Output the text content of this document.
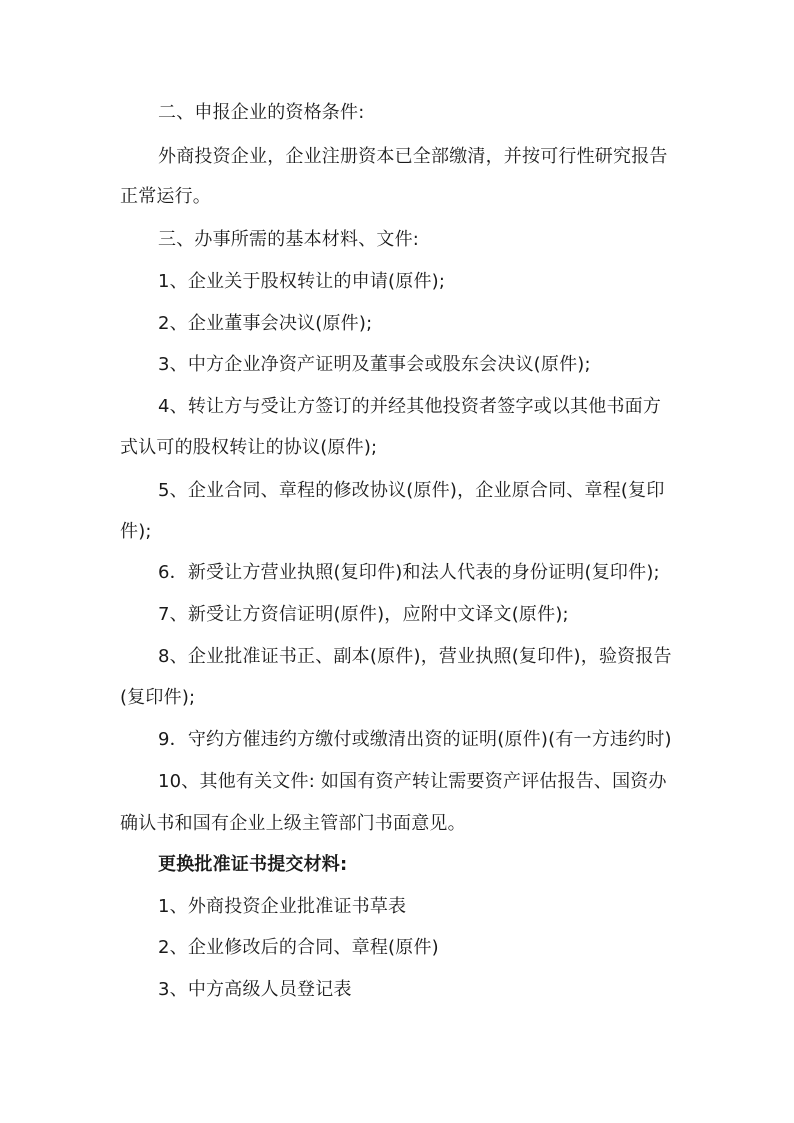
二、申报企业的资格条件:
外商投资企业，企业注册资本已全部缴清，并按可行性研究报告
正常运行。
三、办事所需的基本材料、文件:
1、企业关于股权转让的申请(原件);
2、企业董事会决议(原件);
3、中方企业净资产证明及董事会或股东会决议(原件);
4、转让方与受让方签订的并经其他投资者签字或以其他书面方
式认可的股权转让的协议(原件);
5、企业合同、章程的修改协议(原件)，企业原合同、章程(复印
件);
6．新受让方营业执照(复印件)和法人代表的身份证明(复印件);
7、新受让方资信证明(原件)，应附中文译文(原件);
8、企业批准证书正、副本(原件)，营业执照(复印件)，验资报告
(复印件);
9．守约方催违约方缴付或缴清出资的证明(原件)(有一方违约时)
10、其他有关文件: 如国有资产转让需要资产评估报告、国资办
确认书和国有企业上级主管部门书面意见。
更换批准证书提交材料:
1、外商投资企业批准证书草表
2、企业修改后的合同、章程(原件)
3、中方高级人员登记表
